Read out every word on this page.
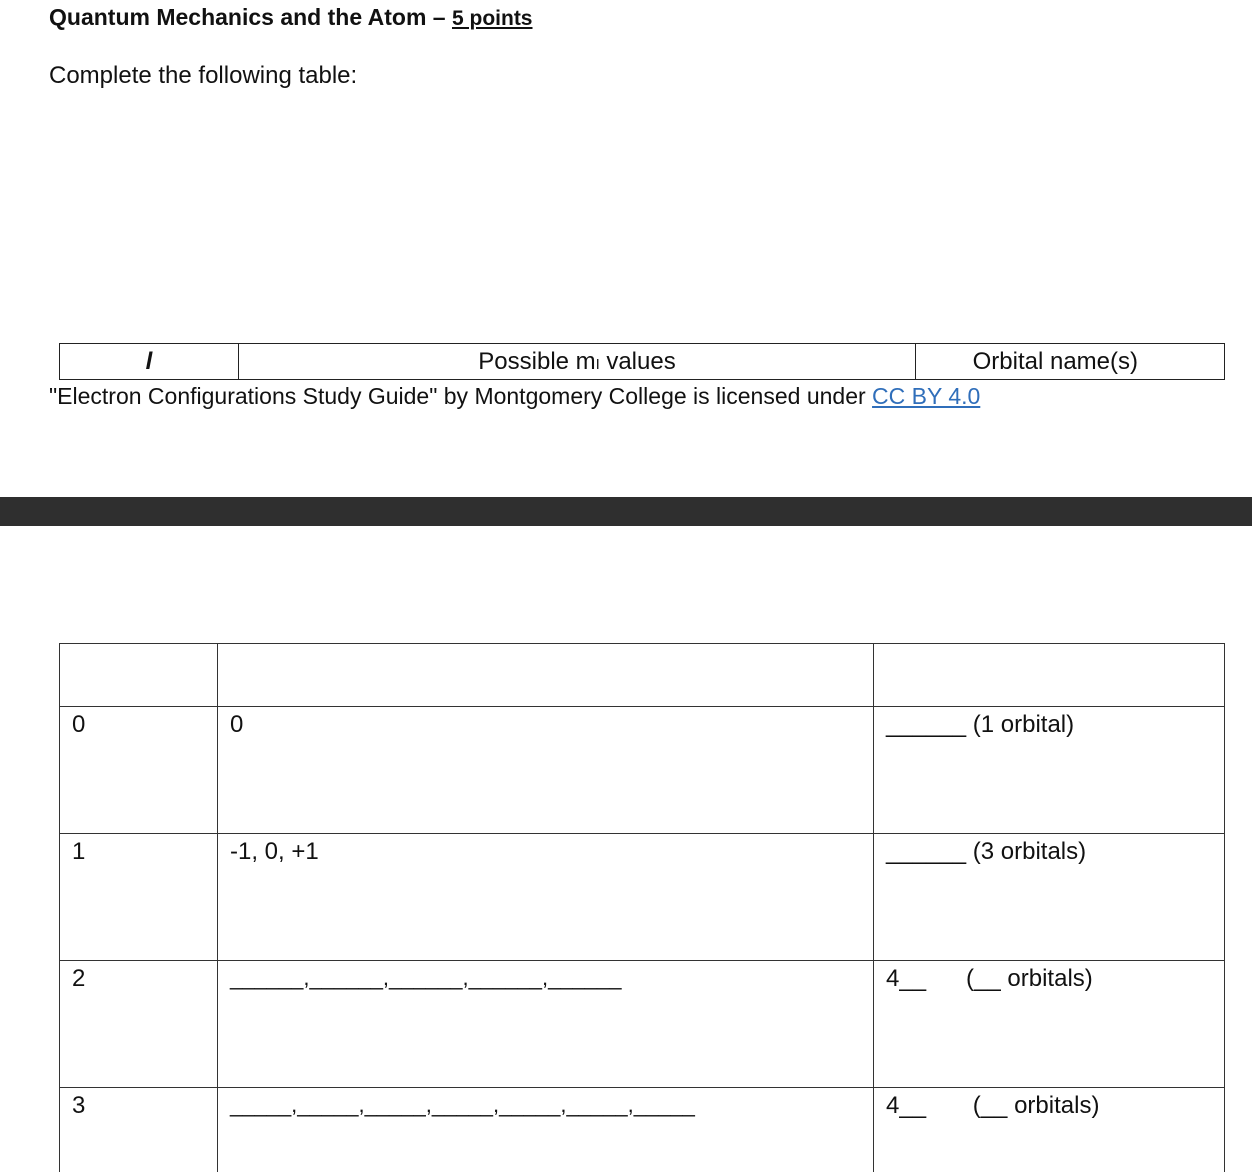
Quantum Mechanics and the Atom – 5 points
Complete the following table:
l	Possible mₗ values	Orbital name(s)
"Electron Configurations Study Guide" by Montgomery College is licensed under CC BY 4.0

0	0	______ (1 orbital)

1	-1, 0, +1	______ (3 orbitals)

2	______,______,______,______,______	4__      (__ orbitals)

3	_____,_____,_____,_____,_____,_____,_____	4__       (__ orbitals)
